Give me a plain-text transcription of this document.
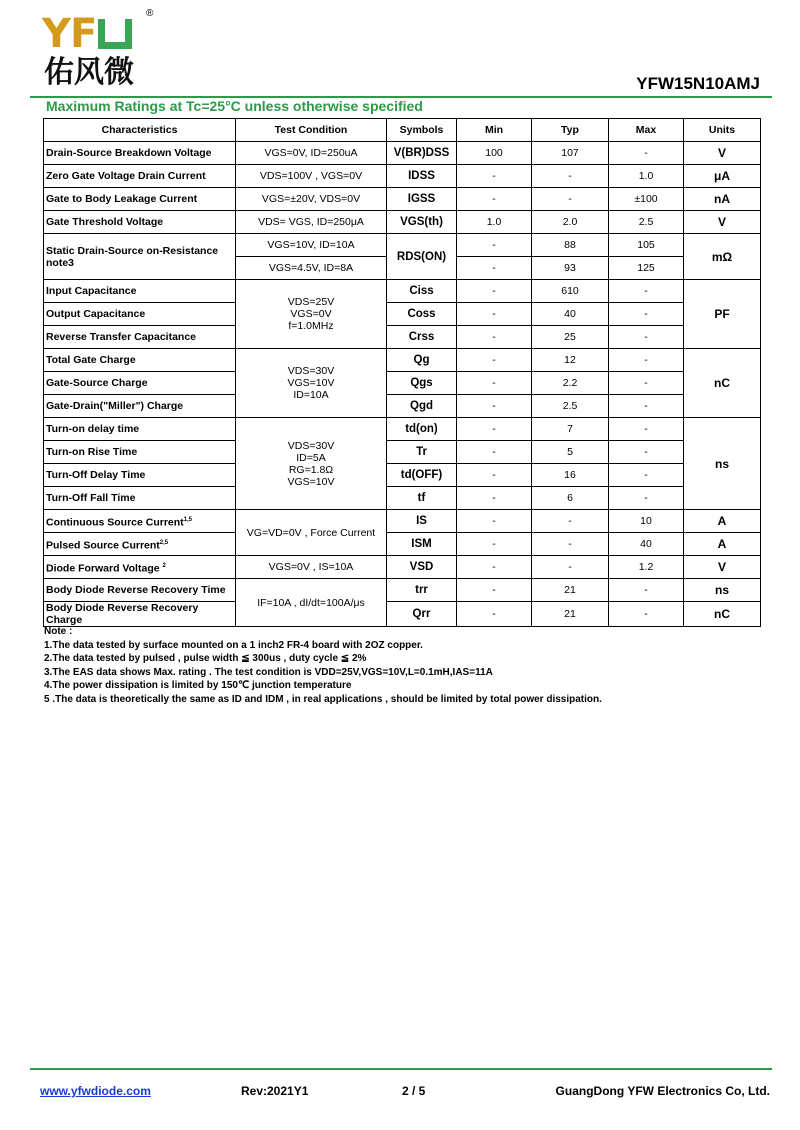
YF
佑风微
®
YFW15N10AMJ
Maximum Ratings at Tc=25°C unless otherwise specified
Characteristics	Test Condition	Symbols	Min	Typ	Max	Units
Drain-Source Breakdown Voltage	VGS=0V, ID=250uA	V(BR)DSS	100	107	-	V
Zero Gate Voltage Drain Current	VDS=100V , VGS=0V	IDSS	-	-	1.0	μA
Gate to Body Leakage Current	VGS=±20V, VDS=0V	IGSS	-	-	±100	nA
Gate Threshold Voltage	VDS= VGS, ID=250μA	VGS(th)	1.0	2.0	2.5	V
Static Drain-Source on-Resistance note3	VGS=10V, ID=10A	RDS(ON)	-	88	105	mΩ
	VGS=4.5V, ID=8A		-	93	125	
Input Capacitance	VDS=25V
VGS=0V
f=1.0MHz	Ciss	-	610	-	PF
Output Capacitance		Coss	-	40	-	
Reverse Transfer Capacitance		Crss	-	25	-	
Total Gate Charge	VDS=30V
VGS=10V
ID=10A	Qg	-	12	-	nC
Gate-Source Charge		Qgs	-	2.2	-	
Gate-Drain("Miller") Charge		Qgd	-	2.5	-	
Turn-on delay time	VDS=30V
ID=5A
RG=1.8Ω
VGS=10V	td(on)	-	7	-	ns
Turn-on Rise Time		Tr	-	5	-	
Turn-Off Delay Time		td(OFF)	-	16	-	
Turn-Off Fall Time		tf	-	6	-	
Continuous Source Current$^{1,5}$	VG=VD=0V , Force Current	IS	-	-	10	A
Pulsed Source Current$^{2,5}$		ISM	-	-	40	A
Diode Forward Voltage $^2$	VGS=0V , IS=10A	VSD	-	-	1.2	V
Body Diode Reverse Recovery Time	IF=10A , dI/dt=100A/μs	trr	-	21	-	ns
Body Diode Reverse Recovery Charge		Qrr	-	21	-	nC
Note :
1.The data tested by surface mounted on a 1 inch2 FR-4 board with 2OZ copper.
2.The data tested by pulsed , pulse width ≦ 300us , duty cycle ≦ 2%
3.The EAS data shows Max. rating . The test condition is VDD=25V,VGS=10V,L=0.1mH,IAS=11A
4.The power dissipation is limited by 150℃ junction temperature
5 .The data is theoretically the same as ID and IDM , in real applications , should be limited by total power dissipation.
www.yfwdiode.com	Rev:2021Y1	2 / 5	GuangDong YFW Electronics Co, Ltd.
